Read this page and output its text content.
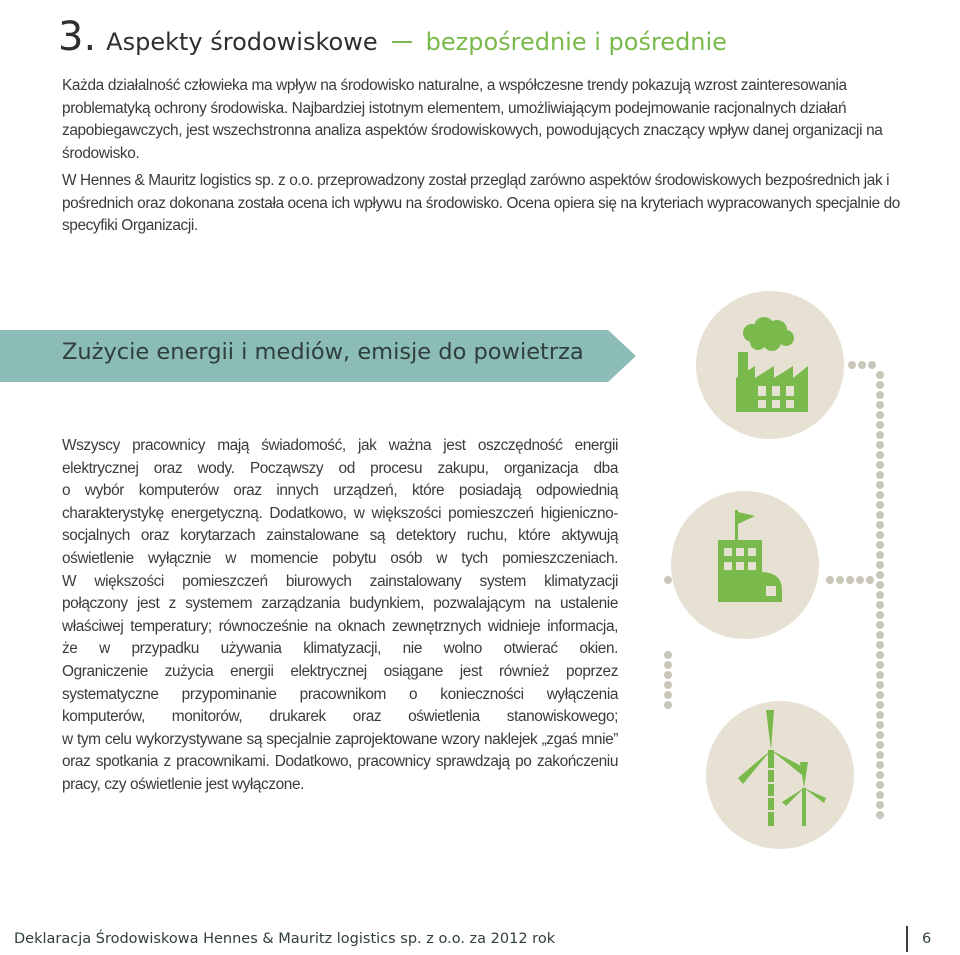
3. Aspekty środowiskowe bezpośrednie i pośrednie

Każda działalność człowieka ma wpływ na środowisko naturalne, a współczesne trendy pokazują wzrost zainteresowania problematyką ochrony środowiska. Najbardziej istotnym elementem, umożliwiającym podejmowanie racjonalnych działań zapobiegawczych, jest wszechstronna analiza aspektów środowiskowych, powodujących znaczący wpływ danej organizacji na środowisko.

W Hennes & Mauritz logistics sp. z o.o. przeprowadzony został przegląd zarówno aspektów środowiskowych bezpośrednich jak i pośrednich oraz dokonana została ocena ich wpływu na środowisko. Ocena opiera się na kryteriach wypracowanych specjalnie do specyfiki Organizacji.

Zużycie energii i mediów, emisje do powietrza
Wszyscy pracownicy mają świadomość, jak ważna jest oszczędność energii
elektrycznej oraz wody. Począwszy od procesu zakupu, organizacja dba
o wybór komputerów oraz innych urządzeń, które posiadają odpowiednią
charakterystykę energetyczną. Dodatkowo, w większości pomieszczeń higieniczno-
socjalnych oraz korytarzach zainstalowane są detektory ruchu, które aktywują
oświetlenie wyłącznie w momencie pobytu osób w tych pomieszczeniach.
W większości pomieszczeń biurowych zainstalowany system klimatyzacji
połączony jest z systemem zarządzania budynkiem, pozwalającym na ustalenie
właściwej temperatury; równocześnie na oknach zewnętrznych widnieje informacja,
że w przypadku używania klimatyzacji, nie wolno otwierać okien.
Ograniczenie zużycia energii elektrycznej osiągane jest również poprzez
systematyczne przypominanie pracownikom o konieczności wyłączenia
komputerów, monitorów, drukarek oraz oświetlenia stanowiskowego;
w tym celu wykorzystywane są specjalnie zaprojektowane wzory naklejek „zgaś mnie”
oraz spotkania z pracownikami. Dodatkowo, pracownicy sprawdzają po zakończeniu
pracy, czy oświetlenie jest wyłączone.
Deklaracja Środowiskowa Hennes & Mauritz logistics sp. z o.o. za 2012 rok	6
